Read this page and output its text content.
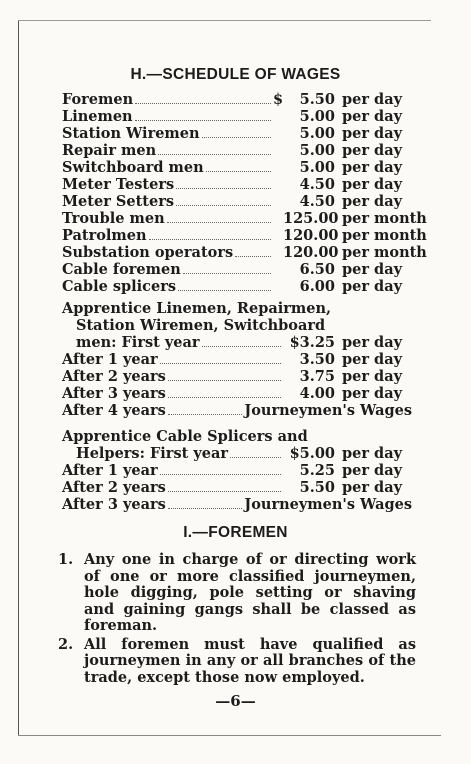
H.—SCHEDULE OF WAGES
Foremen	$	5.50 per day
Linemen	5.00 per day
Station Wiremen	5.00 per day
Repair men	5.00 per day
Switchboard men	5.00 per day
Meter Testers	4.50 per day
Meter Setters	4.50 per day
Trouble men	125.00 per month
Patrolmen	120.00 per month
Substation operators	120.00 per month
Cable foremen	6.50 per day
Cable splicers	6.00 per day
Apprentice Linemen, Repairmen,
Station Wiremen, Switchboard
men: First year	$3.25 per day
After 1 year	3.50 per day
After 2 years	3.75 per day
After 3 years	4.00 per day
After 4 years	Journeymen's Wages
Apprentice Cable Splicers and
Helpers: First year	$5.00 per day
After 1 year	5.25 per day
After 2 years	5.50 per day
After 3 years	Journeymen's Wages
I.—FOREMEN
1. Any one in charge of or directing work of one or more classified journeymen, hole digging, pole setting or shaving and gaining gangs shall be classed as foreman.
2. All foremen must have qualified as journeymen in any or all branches of the trade, except those now employed.
—6—
